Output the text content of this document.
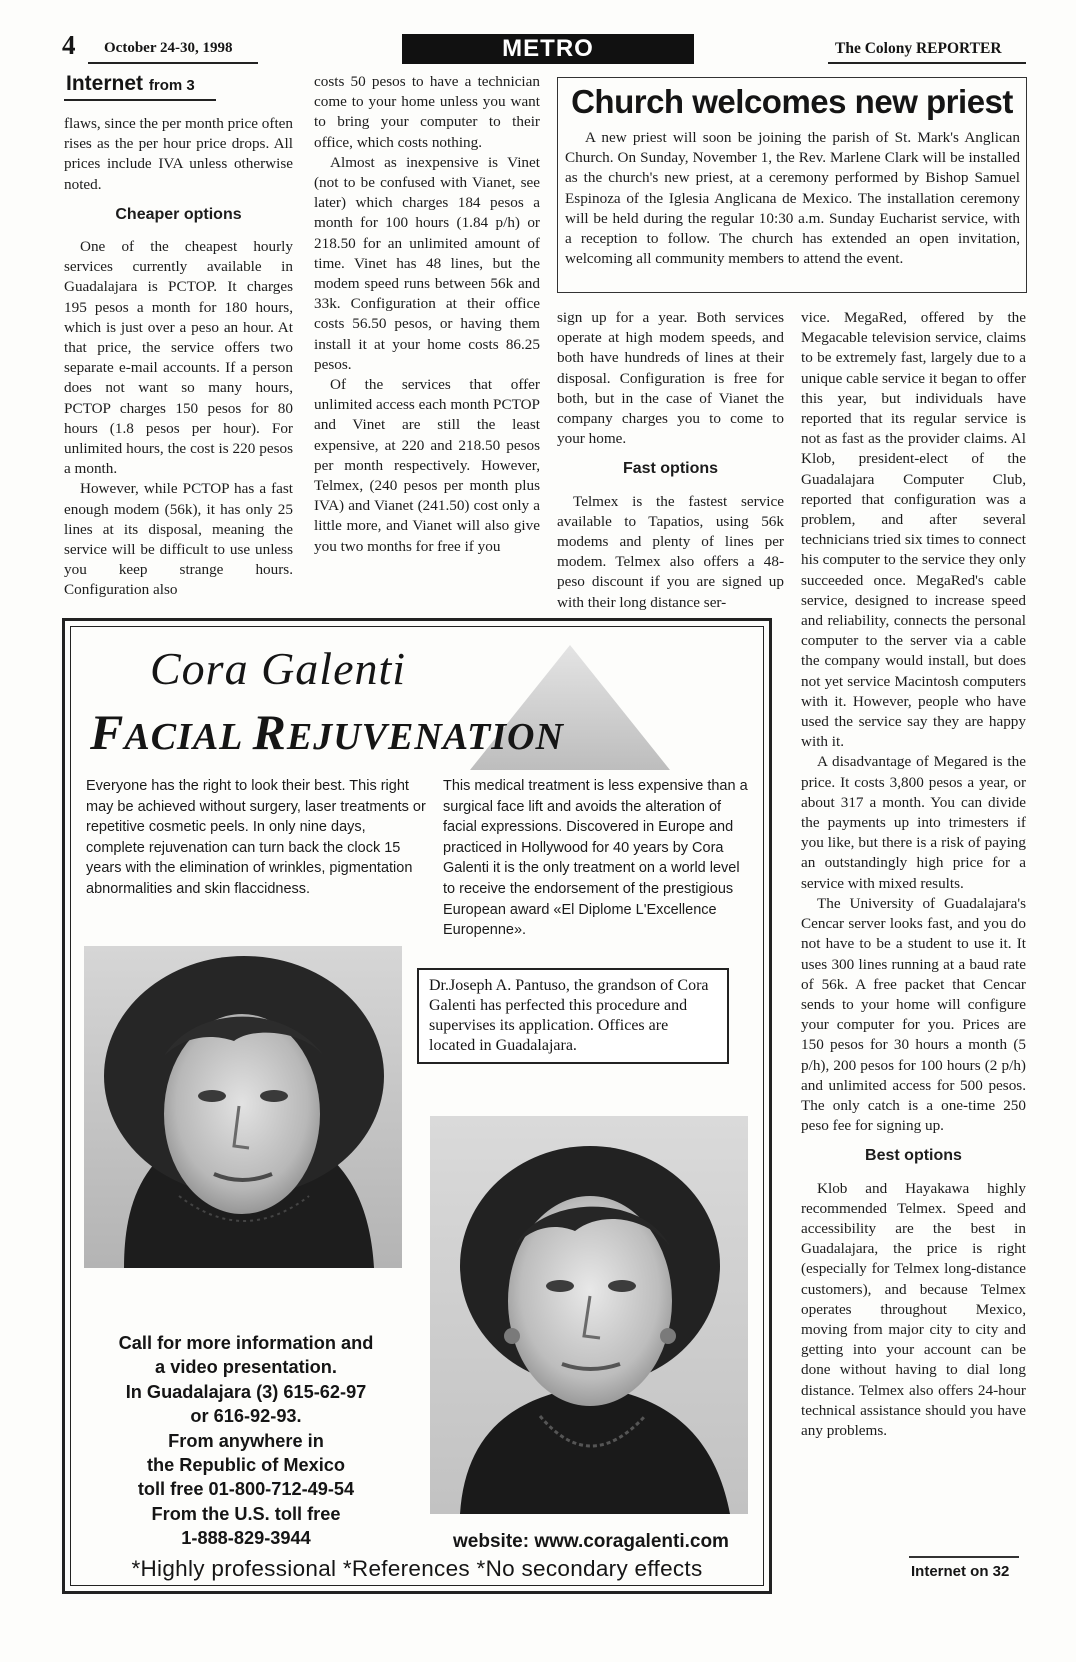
4 October 24-30, 1998	METRO	The Colony REPORTER
Internet from 3

flaws, since the per month price often rises as the per hour price drops. All prices include IVA unless otherwise noted.

Cheaper options

One of the cheapest hourly services currently available in Guadalajara is PCTOP. It charges 195 pesos a month for 180 hours, which is just over a peso an hour. At that price, the service offers two separate e-mail accounts. If a person does not want so many hours, PCTOP charges 150 pesos for 80 hours (1.8 pesos per hour). For unlimited hours, the cost is 220 pesos a month.

However, while PCTOP has a fast enough modem (56k), it has only 25 lines at its disposal, meaning the service will be difficult to use unless you keep strange hours. Configuration also

costs 50 pesos to have a technician come to your home unless you want to bring your computer to their office, which costs nothing.

Almost as inexpensive is Vinet (not to be confused with Vianet, see later) which charges 184 pesos a month for 100 hours (1.84 p/h) or 218.50 for an unlimited amount of time. Vinet has 48 lines, but the modem speed runs between 56k and 33k. Configuration at their office costs 56.50 pesos, or having them install it at your home costs 86.25 pesos.

Of the services that offer unlimited access each month PCTOP and Vinet are still the least expensive, at 220 and 218.50 pesos per month respectively. However, Telmex, (240 pesos per month plus IVA) and Vianet (241.50) cost only a little more, and Vianet will also give you two months for free if you

sign up for a year. Both services operate at high modem speeds, and both have hundreds of lines at their disposal. Configuration is free for both, but in the case of Vianet the company charges you to come to your home.

Fast options

Telmex is the fastest service available to Tapatios, using 56k modems and plenty of lines per modem. Telmex also offers a 48-peso discount if you are signed up with their long distance ser-

vice. MegaRed, offered by the Megacable television service, claims to be extremely fast, largely due to a unique cable service it began to offer this year, but individuals have reported that its regular service is not as fast as the provider claims. Al Klob, president-elect of the Guadalajara Computer Club, reported that configuration was a problem, and after several technicians tried six times to connect his computer to the service they only succeeded once. MegaRed's cable service, designed to increase speed and reliability, connects the personal computer to the server via a cable the company would install, but does not yet service Macintosh computers with it. However, people who have used the service say they are happy with it.

A disadvantage of Megared is the price. It costs 3,800 pesos a year, or about 317 a month. You can divide the payments up into trimesters if you like, but there is a risk of paying an outstandingly high price for a service with mixed results.

The University of Guadalajara's Cencar server looks fast, and you do not have to be a student to use it. It uses 300 lines running at a baud rate of 56k. A free packet that Cencar sends to your home will configure your computer for you. Prices are 150 pesos for 30 hours a month (5 p/h), 200 pesos for 100 hours (2 p/h) and unlimited access for 500 pesos. The only catch is a one-time 250 peso fee for signing up.

Best options

Klob and Hayakawa highly recommended Telmex. Speed and accessibility are the best in Guadalajara, the price is right (especially for Telmex long-distance customers), and because Telmex operates throughout Mexico, moving from major city to city and getting into your account can be done without having to dial long distance. Telmex also offers 24-hour technical assistance should you have any problems.

Internet on 32
Church welcomes new priest

A new priest will soon be joining the parish of St. Mark's Anglican Church. On Sunday, November 1, the Rev. Marlene Clark will be installed as the church's new priest, at a ceremony performed by Bishop Samuel Espinoza of the Iglesia Anglicana de Mexico. The installation ceremony will be held during the regular 10:30 a.m. Sunday Eucharist service, with a reception to follow. The church has extended an open invitation, welcoming all community members to attend the event.

Cora Galenti
FACIAL REJUVENATION
Everyone has the right to look their best. This right may be achieved without surgery, laser treatments or repetitive cosmetic peels. In only nine days, complete rejuvenation can turn back the clock 15 years with the elimination of wrinkles, pigmentation abnormalities and skin flaccidness.
This medical treatment is less expensive than a surgical face lift and avoids the alteration of facial expressions. Discovered in Europe and practiced in Hollywood for 40 years by Cora Galenti it is the only treatment on a world level to receive the endorsement of the prestigious European award «El Diplome L'Excellence Europenne».
Dr.Joseph A. Pantuso, the grandson of Cora Galenti has perfected this procedure and supervises its application. Offices are located in Guadalajara.
Call for more information and
a video presentation.
In Guadalajara (3) 615-62-97
or 616-92-93.
From anywhere in
the Republic of Mexico
toll free 01-800-712-49-54
From the U.S. toll free
1-888-829-3944	website: www.coragalenti.com
*Highly professional *References *No secondary effects
